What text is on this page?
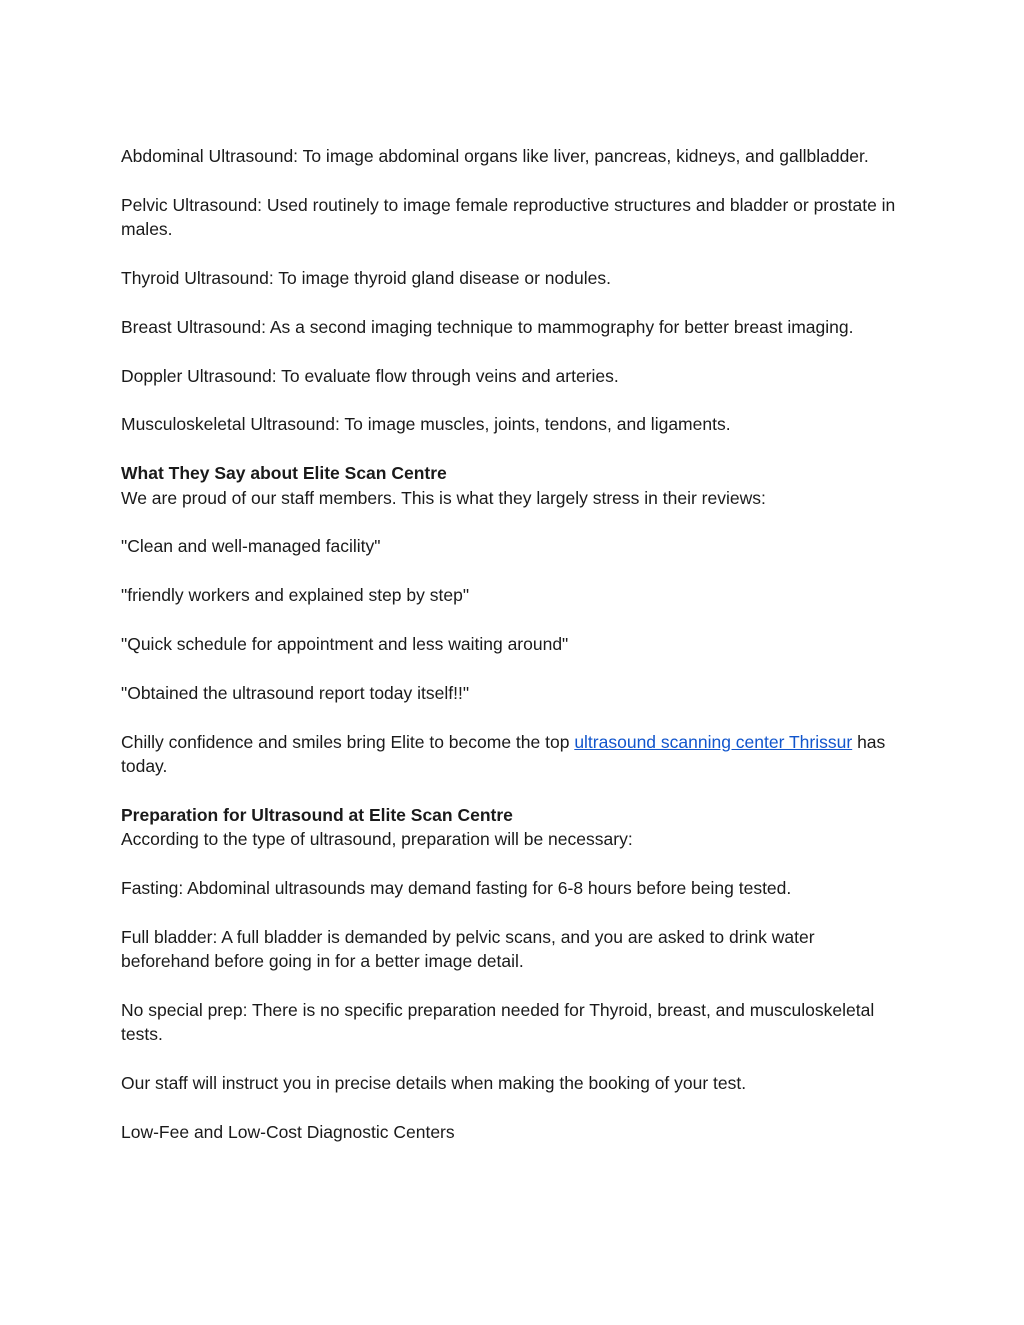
Abdominal Ultrasound: To image abdominal organs like liver, pancreas, kidneys, and gallbladder.

Pelvic Ultrasound: Used routinely to image female reproductive structures and bladder or prostate in males.

Thyroid Ultrasound: To image thyroid gland disease or nodules.

Breast Ultrasound: As a second imaging technique to mammography for better breast imaging.

Doppler Ultrasound: To evaluate flow through veins and arteries.

Musculoskeletal Ultrasound: To image muscles, joints, tendons, and ligaments.

What They Say about Elite Scan Centre

We are proud of our staff members. This is what they largely stress in their reviews:

"Clean and well-managed facility"

"friendly workers and explained step by step"

"Quick schedule for appointment and less waiting around"

"Obtained the ultrasound report today itself!!"

Chilly confidence and smiles bring Elite to become the top ultrasound scanning center Thrissur has today.

Preparation for Ultrasound at Elite Scan Centre

According to the type of ultrasound, preparation will be necessary:

Fasting: Abdominal ultrasounds may demand fasting for 6-8 hours before being tested.

Full bladder: A full bladder is demanded by pelvic scans, and you are asked to drink water beforehand before going in for a better image detail.

No special prep: There is no specific preparation needed for Thyroid, breast, and musculoskeletal tests.

Our staff will instruct you in precise details when making the booking of your test.

Low-Fee and Low-Cost Diagnostic Centers
